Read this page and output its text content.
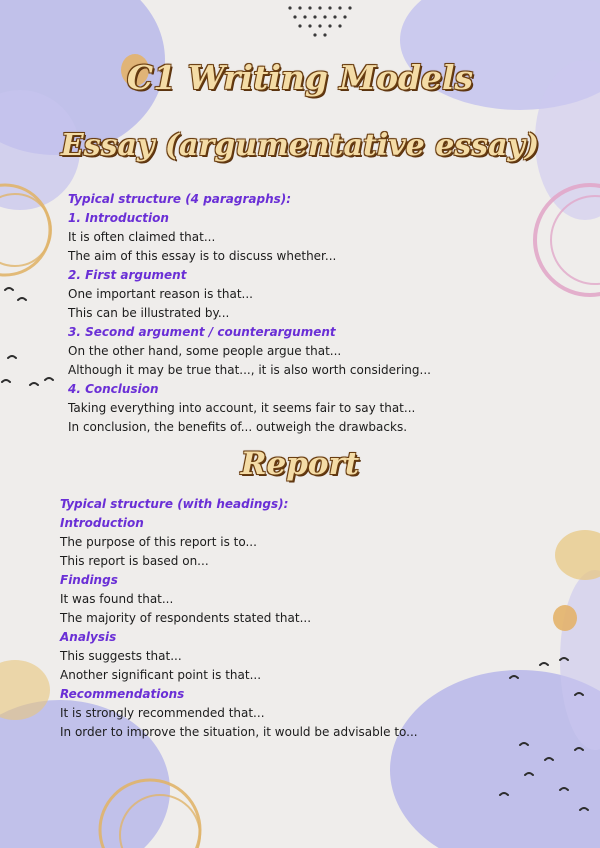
C1 Writing Models
Essay (argumentative essay)
Typical structure (4 paragraphs):
1. Introduction
It is often claimed that...
The aim of this essay is to discuss whether...
2. First argument
One important reason is that...
This can be illustrated by...
3. Second argument / counterargument
On the other hand, some people argue that...
Although it may be true that..., it is also worth considering...
4. Conclusion
Taking everything into account, it seems fair to say that...
In conclusion, the benefits of... outweigh the drawbacks.
Report
Typical structure (with headings):
Introduction
The purpose of this report is to...
This report is based on...
Findings
It was found that...
The majority of respondents stated that...
Analysis
This suggests that...
Another significant point is that...
Recommendations
It is strongly recommended that...
In order to improve the situation, it would be advisable to...
